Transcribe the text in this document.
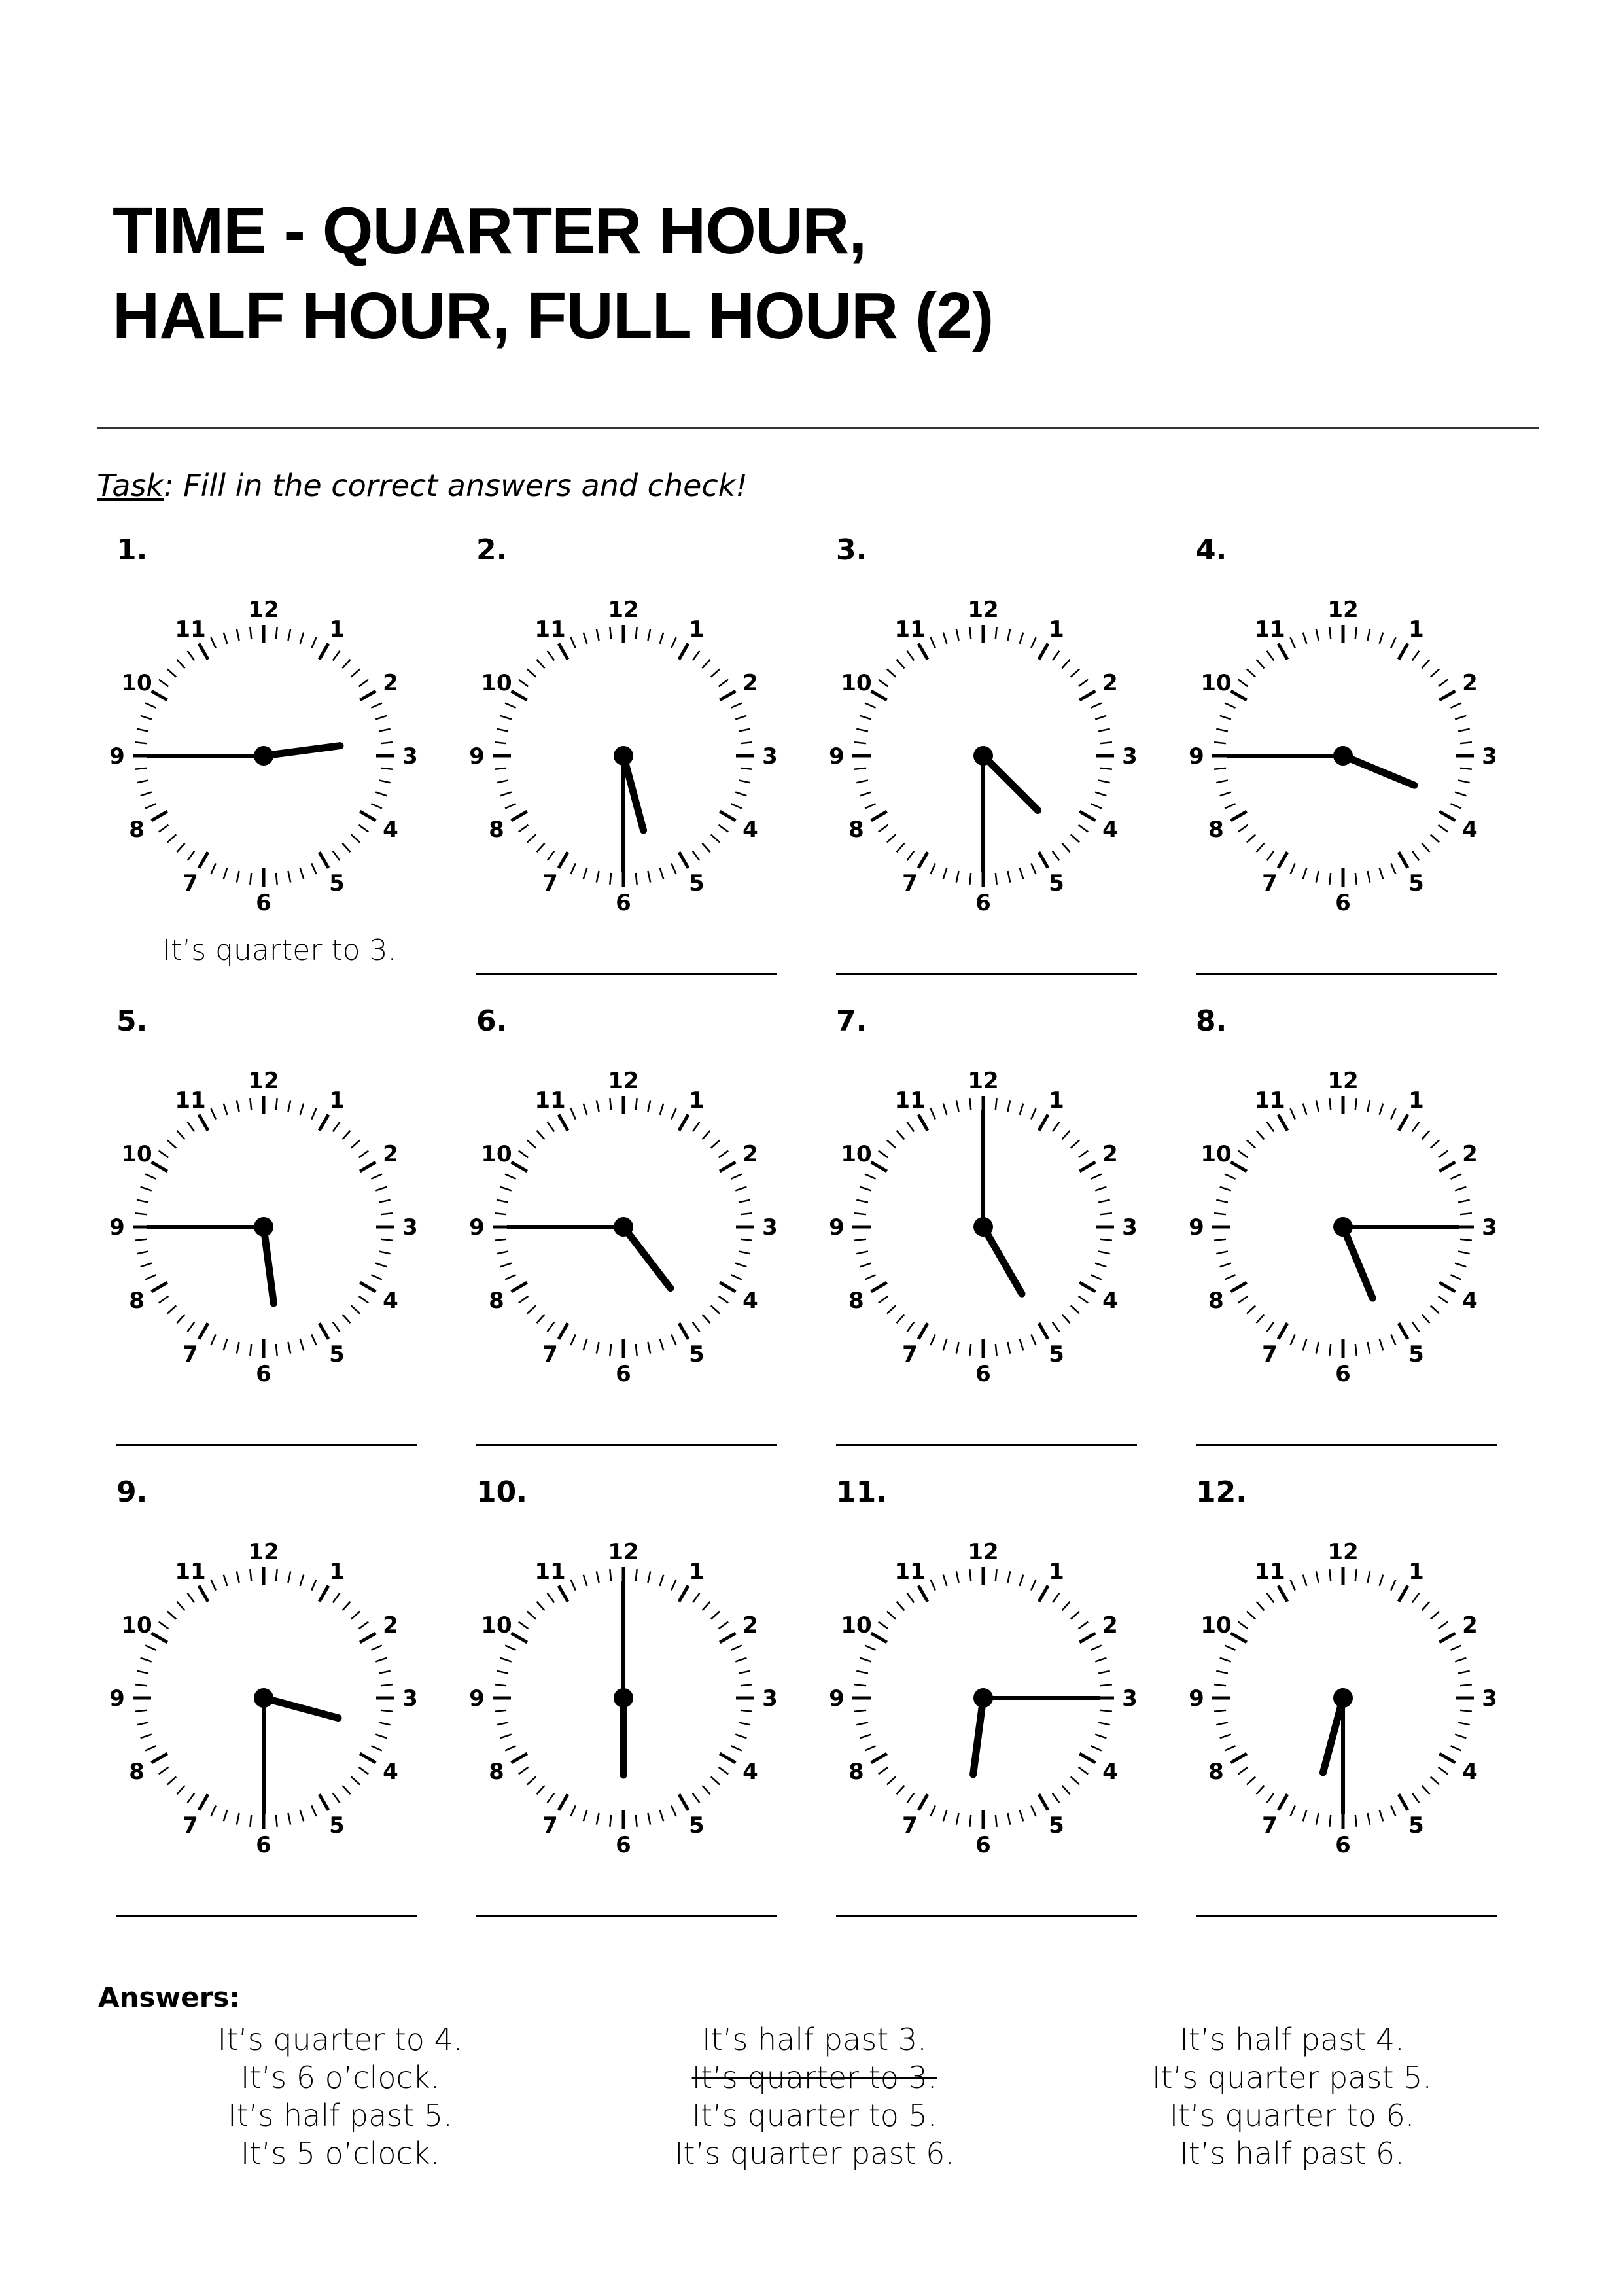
TIME - QUARTER HOUR,
HALF HOUR, FULL HOUR (2)
Task: Fill in the correct answers and check!
1.
12
1
2
3
4
5
6
7
8
9
10
11
It’s quarter to 3.
2.
12
1
2
3
4
5
6
7
8
9
10
11
3.
12
1
2
3
4
5
6
7
8
9
10
11
4.
12
1
2
3
4
5
6
7
8
9
10
11
5.
12
1
2
3
4
5
6
7
8
9
10
11
6.
12
1
2
3
4
5
6
7
8
9
10
11
7.
12
1
2
3
4
5
6
7
8
9
10
11
8.
12
1
2
3
4
5
6
7
8
9
10
11
9.
12
1
2
3
4
5
6
7
8
9
10
11
10.
12
1
2
3
4
5
6
7
8
9
10
11
11.
12
1
2
3
4
5
6
7
8
9
10
11
12.
12
1
2
3
4
5
6
7
8
9
10
11
Answers:
It’s quarter to 4.
It’s 6 o’clock.
It’s half past 5.
It’s 5 o’clock.
It’s half past 3.
It’s quarter to 3.
It’s quarter to 5.
It’s quarter past 6.
It’s half past 4.
It’s quarter past 5.
It’s quarter to 6.
It’s half past 6.
